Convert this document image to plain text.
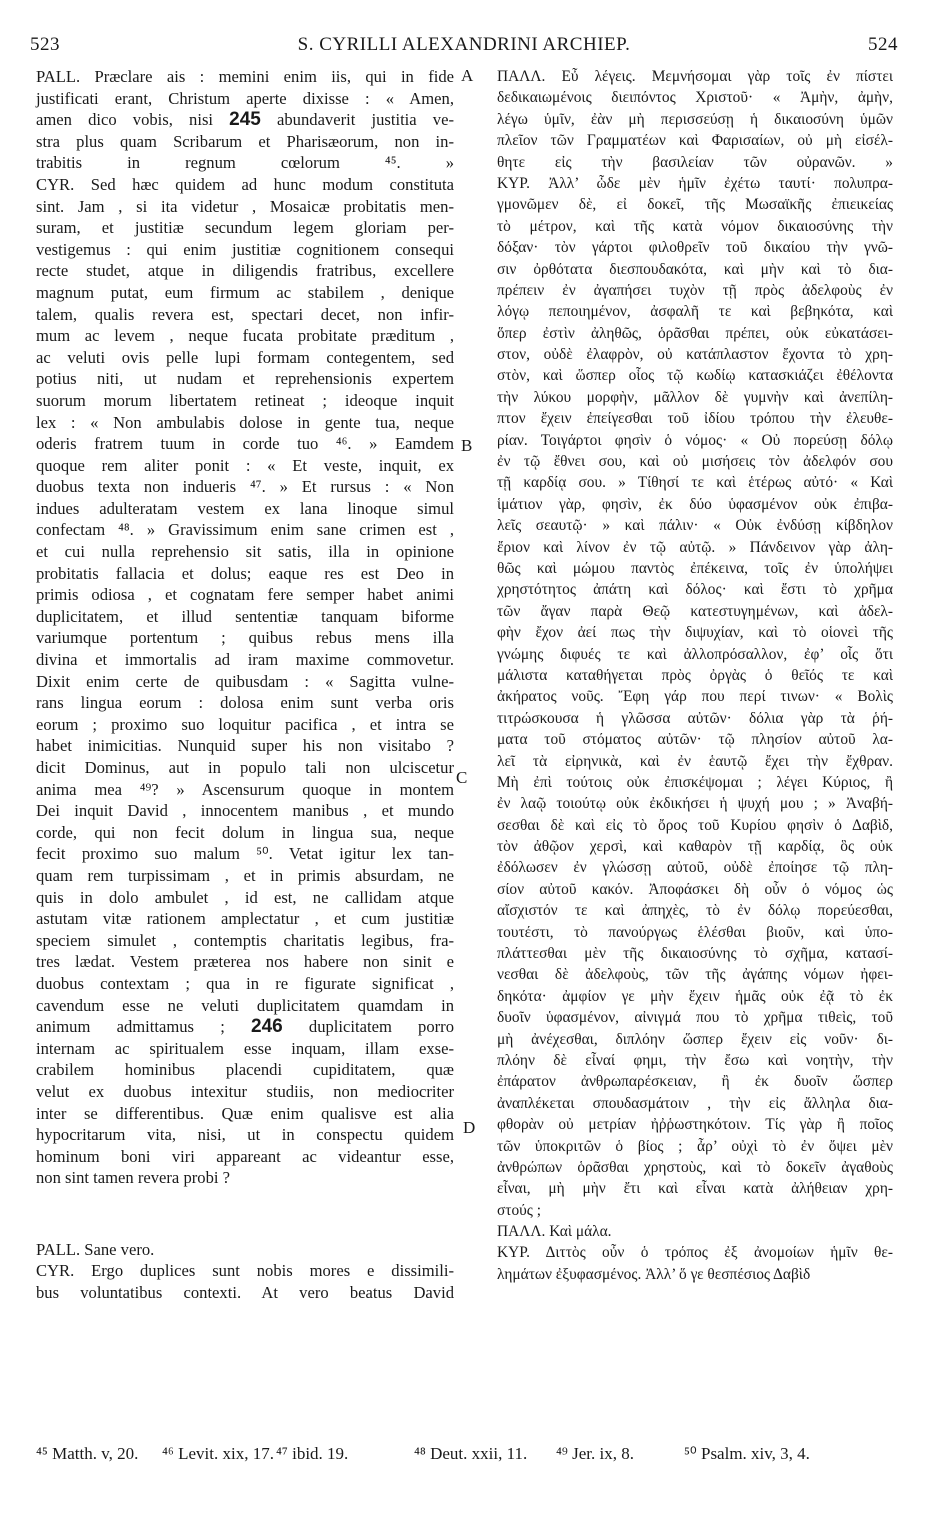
523	S. CYRILLI ALEXANDRINI ARCHIEP.	524
A
B
C
D
PALL. Præclare ais : memini enim iis, qui in fide
justificati erant, Christum aperte dixisse : « Amen,
amen dico vobis, nisi 245 abundaverit justitia ve-
stra plus quam Scribarum et Pharisæorum, non in-
trabitis in regnum cœlorum ⁴⁵. »
CYR. Sed hæc quidem ad hunc modum constituta
sint. Jam , si ita videtur , Mosaicæ probitatis men-
suram, et justitiæ secundum legem gloriam per-
vestigemus : qui enim justitiæ cognitionem consequi
recte studet, atque in diligendis fratribus, excellere
magnum putat, eum firmum ac stabilem , denique
talem, qualis revera est, spectari decet, non infir-
mum ac levem , neque fucata probitate præditum ,
ac veluti ovis pelle lupi formam contegentem, sed
potius niti, ut nudam et reprehensionis expertem
suorum morum libertatem retineat ; ideoque inquit
lex : « Non ambulabis dolose in gente tua, neque
oderis fratrem tuum in corde tuo ⁴⁶. » Eamdem
quoque rem aliter ponit : « Et veste, inquit, ex
duobus texta non indueris ⁴⁷. » Et rursus : « Non
indues adulteratam vestem ex lana linoque simul
confectam ⁴⁸. » Gravissimum enim sane crimen est ,
et cui nulla reprehensio sit satis, illa in opinione
probitatis fallacia et dolus; eaque res est Deo in
primis odiosa , et cognatam fere semper habet animi
duplicitatem, et illud sententiæ tanquam biforme
variumque portentum ; quibus rebus mens illa
divina et immortalis ad iram maxime commovetur.
Dixit enim certe de quibusdam : « Sagitta vulne-
rans lingua eorum : dolosa enim sunt verba oris
eorum ; proximo suo loquitur pacifica , et intra se
habet inimicitias. Nunquid super his non visitabo ?
dicit Dominus, aut in populo tali non ulciscetur
anima mea ⁴⁹? » Ascensurum quoque in montem
Dei inquit David , innocentem manibus , et mundo
corde, qui non fecit dolum in lingua sua, neque
fecit proximo suo malum ⁵⁰. Vetat igitur lex tan-
quam rem turpissimam , et in primis absurdam, ne
quis in dolo ambulet , id est, ne callidam atque
astutam vitæ rationem amplectatur , et cum justitiæ
speciem simulet , contemptis charitatis legibus, fra-
tres lædat. Vestem præterea nos habere non sinit e
duobus contextam ; qua in re figurate significat ,
cavendum esse ne veluti duplicitatem quamdam in
animum admittamus ; 246 duplicitatem porro
internam ac spiritualem esse inquam, illam exse-
crabilem hominibus placendi cupiditatem, quæ
velut ex duobus intexitur studiis, non mediocriter
inter se differentibus. Quæ enim qualisve est alia
hypocritarum vita, nisi, ut in conspectu quidem
hominum boni viri appareant ac videantur esse,
non sint tamen revera probi ?
PALL. Sane vero.
CYR. Ergo duplices sunt nobis mores e dissimili-
bus voluntatibus contexti. At vero beatus David
ΠΑΛΛ. Εὖ λέγεις. Μεμνήσομαι γὰρ τοῖς ἐν πίστει
δεδικαιωμένοις διειπόντος Χριστοῦ· « Ἀμὴν, ἀμὴν,
λέγω ὑμῖν, ἐὰν μὴ περισσεύσῃ ἡ δικαιοσύνη ὑμῶν
πλεῖον τῶν Γραμματέων καὶ Φαρισαίων, οὐ μὴ εἰσέλ-
θητε εἰς τὴν βασιλείαν τῶν οὐρανῶν. »
ΚΥΡ. Ἀλλ’ ὧδε μὲν ἡμῖν ἐχέτω ταυτί· πολυπρα-
γμονῶμεν δὲ, εἰ δοκεῖ, τῆς Μωσαϊκῆς ἐπιεικείας
τὸ μέτρον, καὶ τῆς κατὰ νόμον δικαιοσύνης τὴν
δόξαν· τὸν γάρτοι φιλοθρεῖν τοῦ δικαίου τὴν γνῶ-
σιν ὀρθότατα διεσπουδακότα, καὶ μὴν καὶ τὸ δια-
πρέπειν ἐν ἀγαπήσει τυχὸν τῇ πρὸς ἀδελφοὺς ἐν
λόγῳ πεποιημένον, ἀσφαλῆ τε καὶ βεβηκότα, καὶ
ὅπερ ἐστὶν ἀληθῶς, ὁρᾶσθαι πρέπει, οὐκ εὐκατάσει-
στον, οὐδὲ ἐλαφρὸν, οὐ κατάπλαστον ἔχοντα τὸ χρη-
στὸν, καὶ ὥσπερ οἷος τῷ κωδίῳ κατασκιάζει ἐθέλοντα
τὴν λύκου μορφὴν, μᾶλλον δὲ γυμνὴν καὶ ἀνεπίλη-
πτον ἔχειν ἐπείγεσθαι τοῦ ἰδίου τρόπου τὴν ἐλευθε-
ρίαν. Τοιγάρτοι φησὶν ὁ νόμος· « Οὐ πορεύσῃ δόλῳ
ἐν τῷ ἔθνει σου, καὶ οὐ μισήσεις τὸν ἀδελφόν σου
τῇ καρδίᾳ σου. » Τίθησί τε καὶ ἑτέρως αὐτό· « Καὶ
ἱμάτιον γὰρ, φησὶν, ἐκ δύο ὑφασμένον οὐκ ἐπιβα-
λεῖς σεαυτῷ· » καὶ πάλιν· « Οὐκ ἐνδύσῃ κίβδηλον
ἔριον καὶ λίνον ἐν τῷ αὐτῷ. » Πάνδεινον γὰρ ἀλη-
θῶς καὶ μώμου παντὸς ἐπέκεινα, τοῖς ἐν ὑπολήψει
χρηστότητος ἀπάτη καὶ δόλος· καὶ ἔστι τὸ χρῆμα
τῶν ἄγαν παρὰ Θεῷ κατεστυγημένων, καὶ ἀδελ-
φὴν ἔχον ἀεί πως τὴν διψυχίαν, καὶ τὸ οἱονεὶ τῆς
γνώμης διφυές τε καὶ ἀλλοπρόσαλλον, ἐφ’ οἷς ὅτι
μάλιστα καταθήγεται πρὸς ὀργὰς ὁ θεῖός τε καὶ
ἀκήρατος νοῦς. Ἔφη γάρ που περί τινων· « Βολὶς
τιτρώσκουσα ἡ γλῶσσα αὐτῶν· δόλια γὰρ τὰ ῥή-
ματα τοῦ στόματος αὐτῶν· τῷ πλησίον αὐτοῦ λα-
λεῖ τὰ εἰρηνικὰ, καὶ ἐν ἑαυτῷ ἔχει τὴν ἔχθραν.
Μὴ ἐπὶ τούτοις οὐκ ἐπισκέψομαι ; λέγει Κύριος, ἢ
ἐν λαῷ τοιούτῳ οὐκ ἐκδικήσει ἡ ψυχή μου ; » Ἀναβή-
σεσθαι δὲ καὶ εἰς τὸ ὄρος τοῦ Κυρίου φησὶν ὁ Δαβὶδ,
τὸν ἀθῷον χερσὶ, καὶ καθαρὸν τῇ καρδίᾳ, ὃς οὐκ
ἐδόλωσεν ἐν γλώσσῃ αὐτοῦ, οὐδὲ ἐποίησε τῷ πλη-
σίον αὐτοῦ κακόν. Ἀποφάσκει δὴ οὖν ὁ νόμος ὡς
αἴσχιστόν τε καὶ ἀπηχὲς, τὸ ἐν δόλῳ πορεύεσθαι,
τουτέστι, τὸ πανούργως ἑλέσθαι βιοῦν, καὶ ὑπο-
πλάττεσθαι μὲν τῆς δικαιοσύνης τὸ σχῆμα, κατασί-
νεσθαι δὲ ἀδελφοὺς, τῶν τῆς ἀγάπης νόμων ἠφει-
δηκότα· ἀμφίον γε μὴν ἔχειν ἡμᾶς οὐκ ἐᾷ τὸ ἐκ
δυοῖν ὑφασμένον, αἰνιγμά που τὸ χρῆμα τιθεὶς, τοῦ
μὴ ἀνέχεσθαι, διπλόην ὥσπερ ἔχειν εἰς νοῦν· δι-
πλόην δὲ εἶναί φημι, τὴν ἔσω καὶ νοητὴν, τὴν
ἐπάρατον ἀνθρωπαρέσκειαν, ἢ ἐκ δυοῖν ὥσπερ
ἀναπλέκεται σπουδασμάτοιν , τὴν εἰς ἄλληλα δια-
φθορὰν οὐ μετρίαν ἠῤῥωστηκότοιν. Τίς γὰρ ἢ ποῖος
τῶν ὑποκριτῶν ὁ βίος ; ἆρ’ οὐχὶ τὸ ἐν ὄψει μὲν
ἀνθρώπων ὁρᾶσθαι χρηστοὺς, καὶ τὸ δοκεῖν ἀγαθοὺς
εἶναι, μὴ μὴν ἔτι καὶ εἶναι κατὰ ἀλήθειαν χρη-
στούς ;
ΠΑΛΛ. Καὶ μάλα.
ΚΥΡ. Διττὸς οὖν ὁ τρόπος ἐξ ἀνομοίων ἡμῖν θε-
λημάτων ἐξυφασμένος. Ἀλλ’ ὅ γε θεσπέσιος Δαβὶδ
⁴⁵ Matth. v, 20. ⁴⁶ Levit. xix, 17. ⁴⁷ ibid. 19.	⁴⁸ Deut. xxii, 11. ⁴⁹ Jer. ix, 8.	⁵⁰ Psalm. xiv, 3, 4.
